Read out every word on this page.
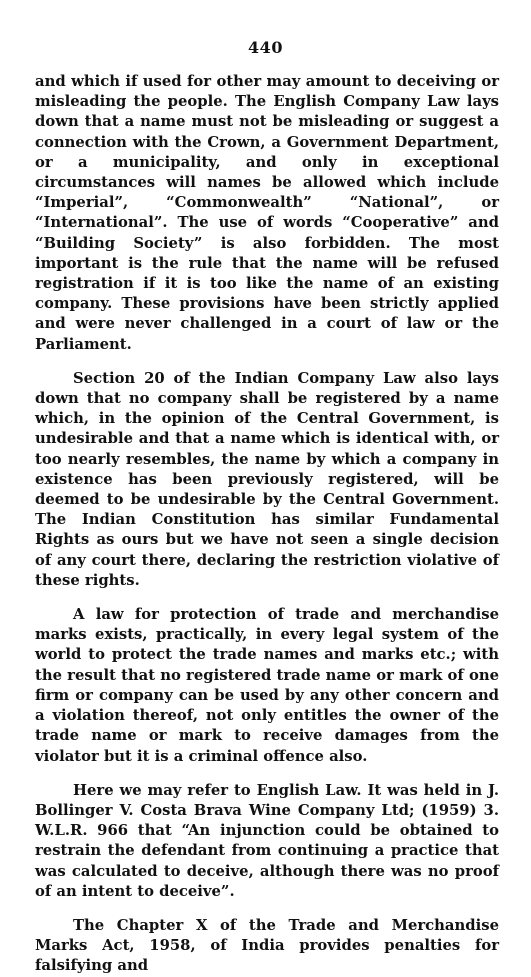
440

and which if used for other may amount to deceiving or misleading the people. The English Company Law lays down that a name must not be misleading or suggest a connection with the Crown, a Government Department, or a municipality, and only in exceptional circumstances will names be allowed which include “Imperial”, “Commonwealth” “National”, or “International”. The use of words “Cooperative” and “Building Society” is also forbidden. The most important is the rule that the name will be refused registration if it is too like the name of an existing company. These provisions have been strictly applied and were never challenged in a court of law or the Parliament.

Section 20 of the Indian Company Law also lays down that no company shall be registered by a name which, in the opinion of the Central Government, is undesirable and that a name which is identical with, or too nearly resembles, the name by which a company in existence has been previously registered, will be deemed to be undesirable by the Central Government. The Indian Constitution has similar Fundamental Rights as ours but we have not seen a single decision of any court there, declaring the restriction violative of these rights.

A law for protection of trade and merchandise marks exists, practically, in every legal system of the world to protect the trade names and marks etc.; with the result that no registered trade name or mark of one firm or company can be used by any other concern and a violation thereof, not only entitles the owner of the trade name or mark to receive damages from the violator but it is a criminal offence also.

Here we may refer to English Law. It was held in J. Bollinger V. Costa Brava Wine Company Ltd; (1959) 3. W.L.R. 966 that “An injunction could be obtained to restrain the defendant from continuing a practice that was calculated to deceive, although there was no proof of an intent to deceive”.

The Chapter X of the Trade and Merchandise Marks Act, 1958, of India provides penalties for falsifying and
